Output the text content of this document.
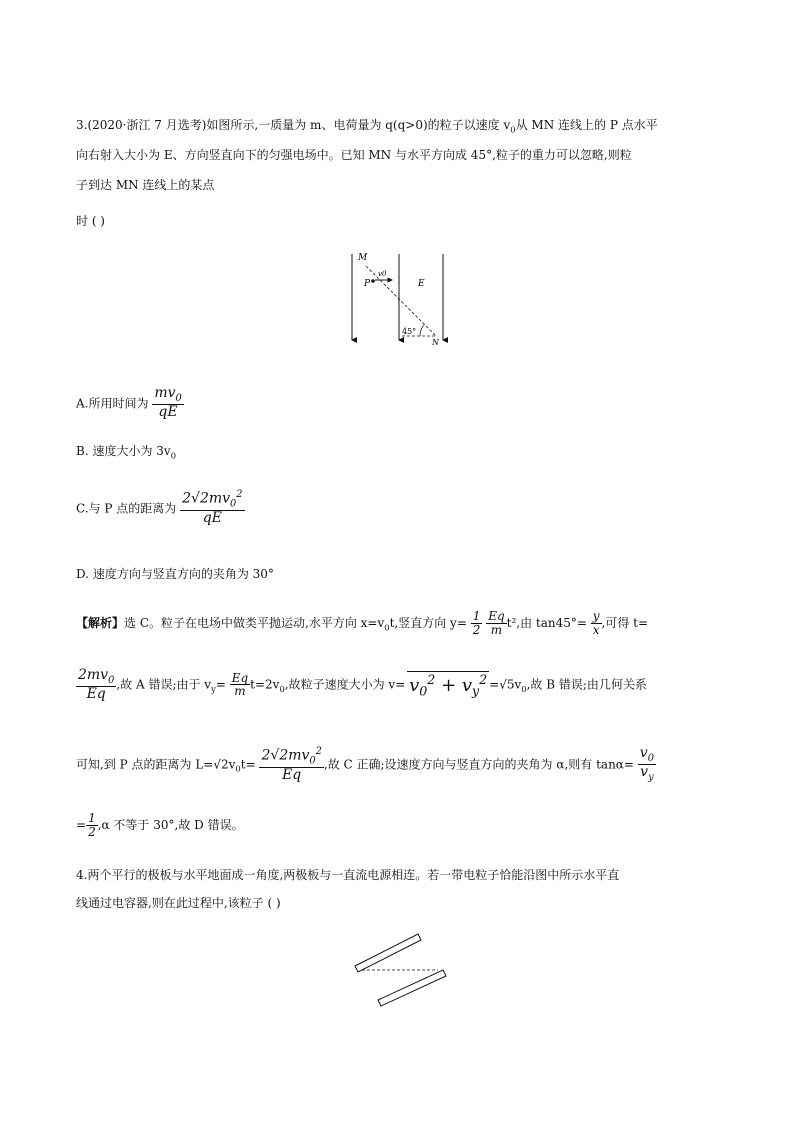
3.(2020·浙江 7 月选考)如图所示,一质量为 m、电荷量为 q(q>0)的粒子以速度 $v_0$从 MN 连线上的 P 点水平
向右射入大小为 E、方向竖直向下的匀强电场中。已知 MN 与水平方向成 45°,粒子的重力可以忽略,则粒
子到达 MN 连线上的某点
时 ( )
M
P
v0
E
45°
N
A.所用时间为 $\frac{mv_0}{qE}$
B. 速度大小为 $3v_0$
C.与 P 点的距离为 $\frac{2√2mv_0^2}{qE}$
D. 速度方向与竖直方向的夹角为 30°
【解析】选 C。粒子在电场中做类平抛运动,水平方向 $x=v_0t$,竖直方向 $y= \frac{1}{2}$
$\frac{Eq}{m} t^2$,由 $\tan 45^\circ= \frac{y}{x}$ ,可得 t=
$\frac{2mv_0}{Eq}$ ,故 A 错误;由于 $v_y= \frac{Eq}{m} t=2v_0$,故粒子速度大小为 $v= v_0^2 + v_y^2 =√5v_0$,故 B 错误;由几何关系
可知,到 P 点的距离为 $L=√2v_0t= \frac{2√2mv_0^2}{Eq}$ ,故 C 正确;设速度方向与竖直方向的夹角为 α,则有 $\tan\alpha= \frac{v_0}{v_y}$
= $\frac{1}{2} ,\alpha$ 不等于 30°,故 D 错误。
4.两个平行的极板与水平地面成一角度,两极板与一直流电源相连。若一带电粒子恰能沿图中所示水平直
线通过电容器,则在此过程中,该粒子 ( )
